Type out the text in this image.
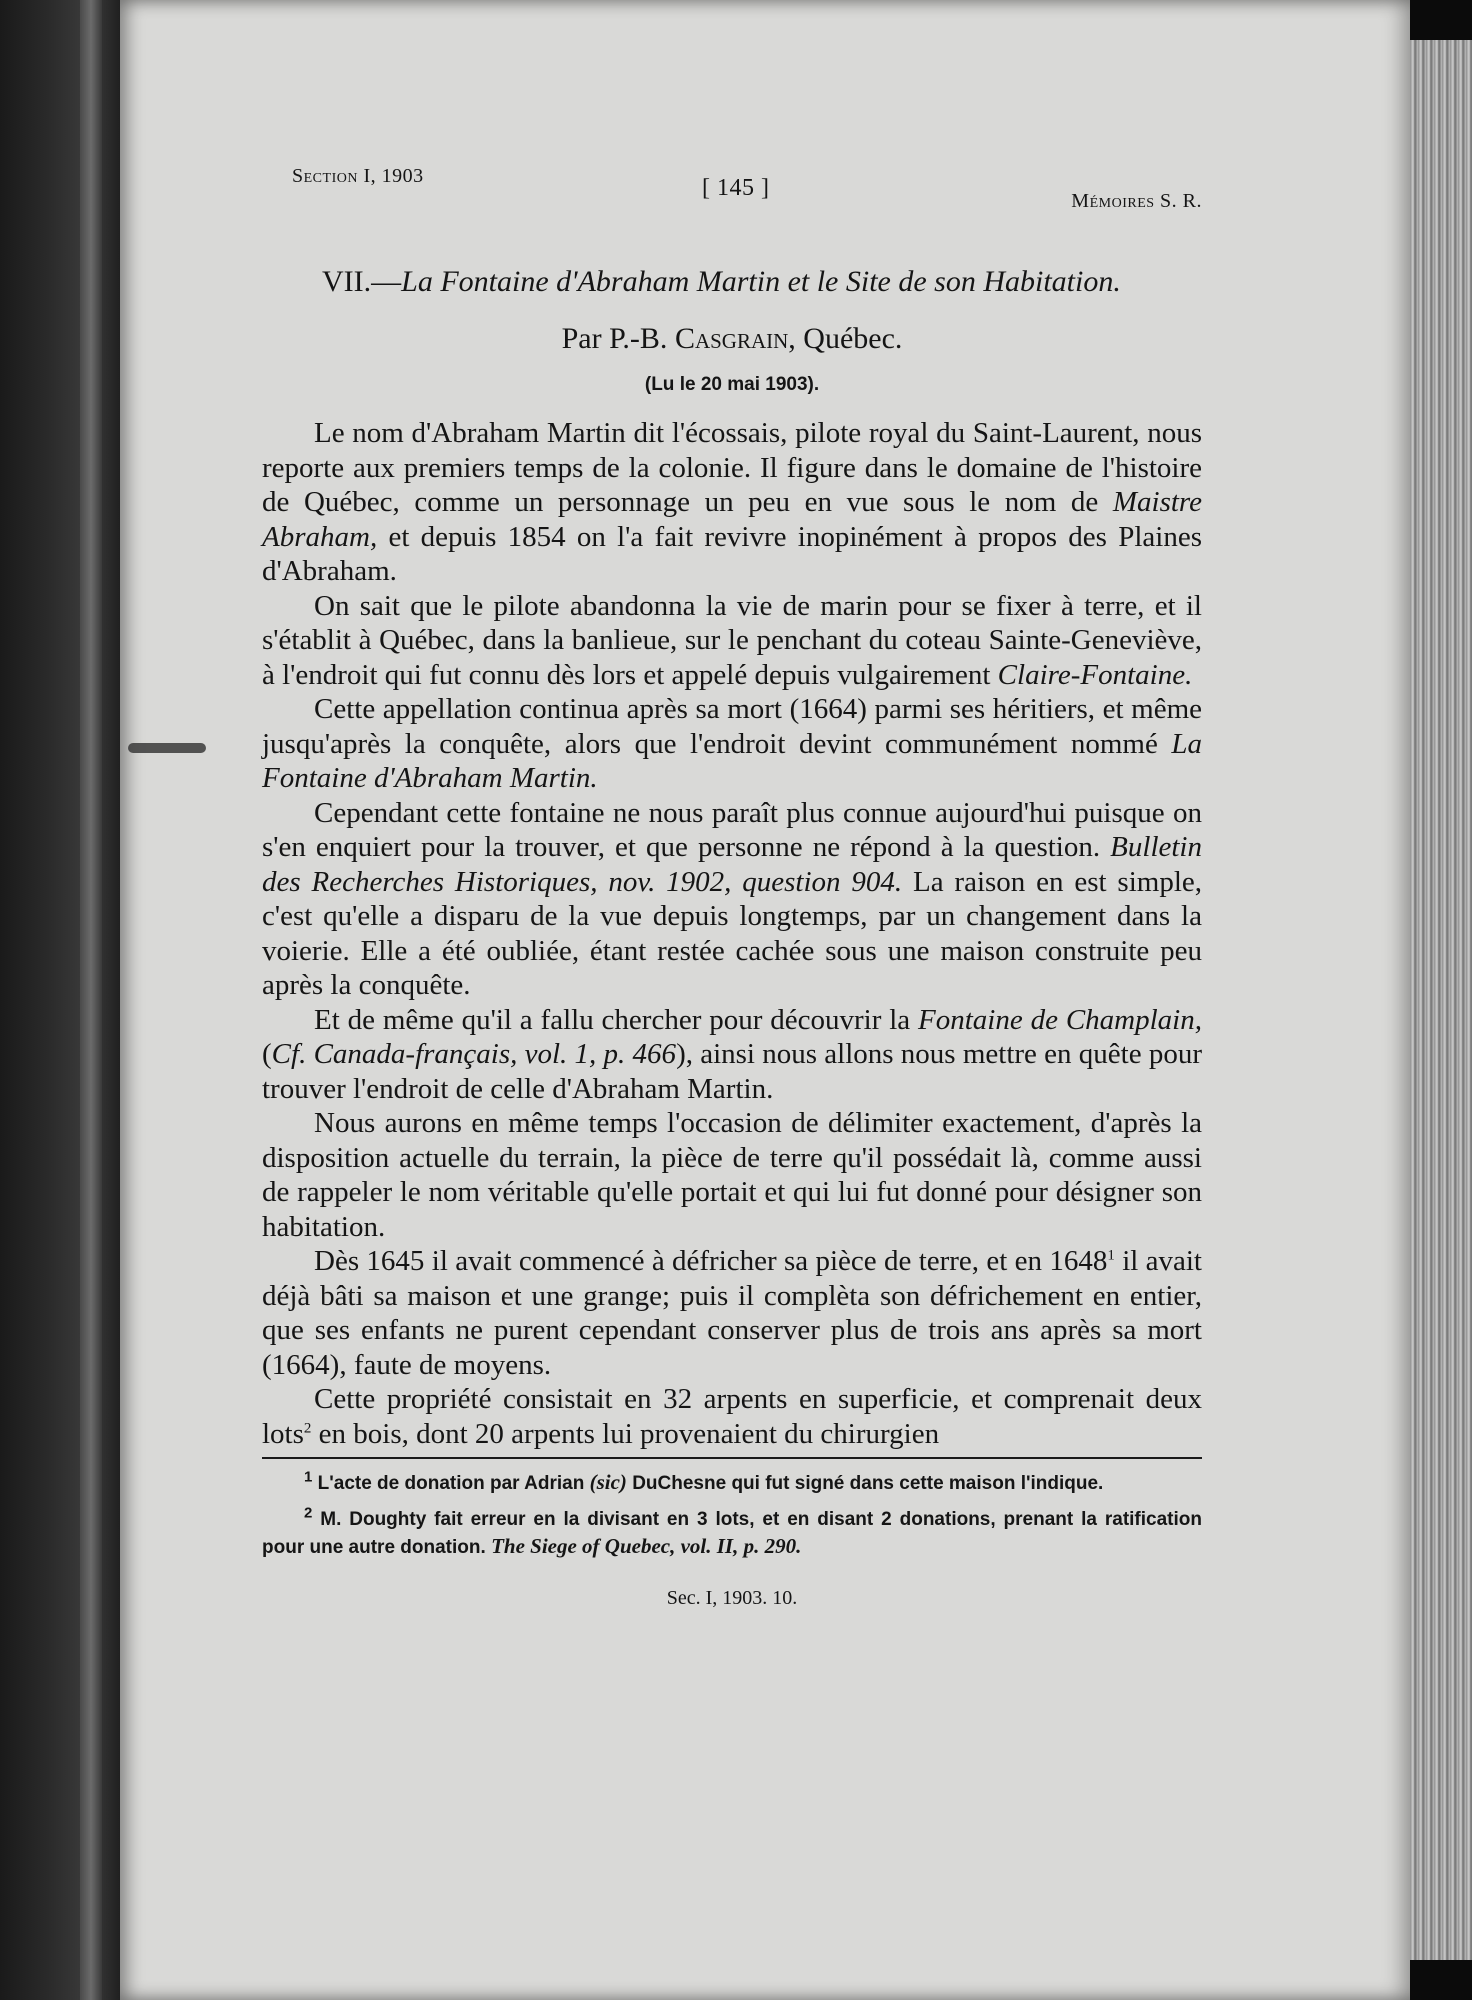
Section I, 1903	[ 145 ]	Mémoires S. R.
VII.—La Fontaine d'Abraham Martin et le Site de son Habitation.
Par P.-B. Casgrain, Québec.
(Lu le 20 mai 1903).

Le nom d'Abraham Martin dit l'écossais, pilote royal du Saint-Laurent, nous reporte aux premiers temps de la colonie. Il figure dans le domaine de l'histoire de Québec, comme un personnage un peu en vue sous le nom de Maistre Abraham, et depuis 1854 on l'a fait revivre inopinément à propos des Plaines d'Abraham.

On sait que le pilote abandonna la vie de marin pour se fixer à terre, et il s'établit à Québec, dans la banlieue, sur le penchant du coteau Sainte-Geneviève, à l'endroit qui fut connu dès lors et appelé depuis vulgairement Claire-Fontaine.

Cette appellation continua après sa mort (1664) parmi ses héritiers, et même jusqu'après la conquête, alors que l'endroit devint communément nommé La Fontaine d'Abraham Martin.

Cependant cette fontaine ne nous paraît plus connue aujourd'hui puisque on s'en enquiert pour la trouver, et que personne ne répond à la question. Bulletin des Recherches Historiques, nov. 1902, question 904. La raison en est simple, c'est qu'elle a disparu de la vue depuis longtemps, par un changement dans la voierie. Elle a été oubliée, étant restée cachée sous une maison construite peu après la conquête.

Et de même qu'il a fallu chercher pour découvrir la Fontaine de Champlain, (Cf. Canada-français, vol. 1, p. 466), ainsi nous allons nous mettre en quête pour trouver l'endroit de celle d'Abraham Martin.

Nous aurons en même temps l'occasion de délimiter exactement, d'après la disposition actuelle du terrain, la pièce de terre qu'il possédait là, comme aussi de rappeler le nom véritable qu'elle portait et qui lui fut donné pour désigner son habitation.

Dès 1645 il avait commencé à défricher sa pièce de terre, et en 1648$^1$ il avait déjà bâti sa maison et une grange; puis il complèta son défrichement en entier, que ses enfants ne purent cependant conserver plus de trois ans après sa mort (1664), faute de moyens.

Cette propriété consistait en 32 arpents en superficie, et comprenait deux lots$^2$ en bois, dont 20 arpents lui provenaient du chirurgien

$^1$ L'acte de donation par Adrian (sic) DuChesne qui fut signé dans cette maison l'indique.

$^2$ M. Doughty fait erreur en la divisant en 3 lots, et en disant 2 donations, prenant la ratification pour une autre donation. The Siege of Quebec, vol. II, p. 290.

Sec. I, 1903. 10.
